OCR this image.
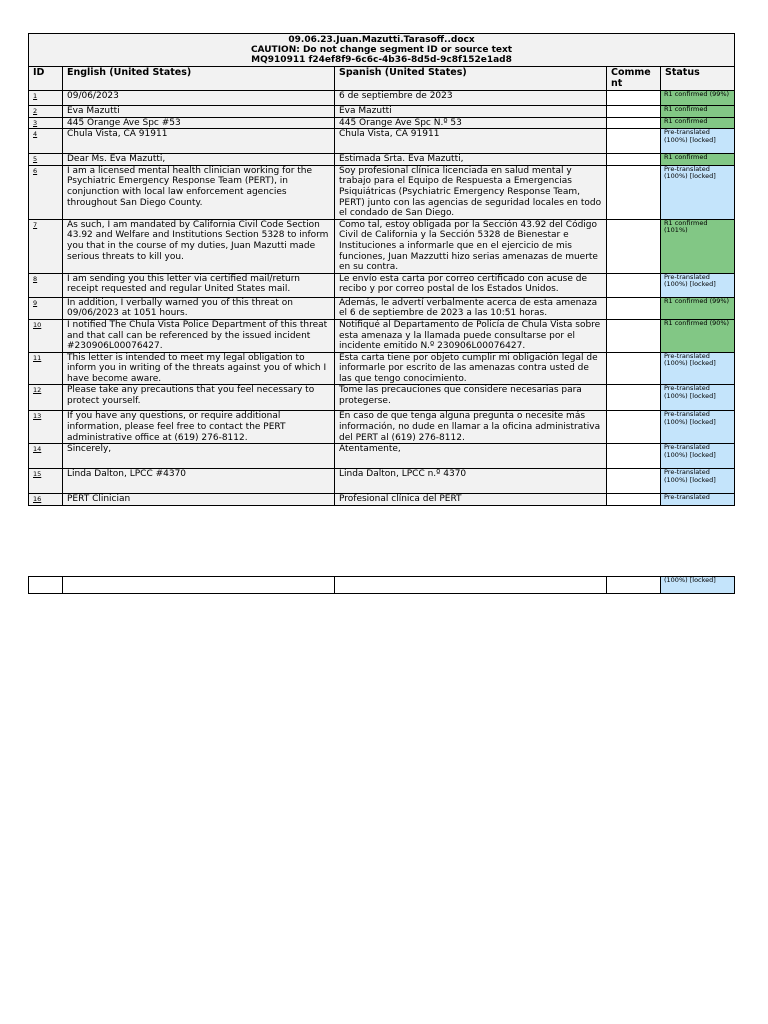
09.06.23.Juan.Mazutti.Tarasoff..docx
CAUTION: Do not change segment ID or source text
MQ910911 f24ef8f9-6c6c-4b36-8d5d-9c8f152e1ad8				

ID	English (United States)	Spanish (United States)	Comme nt	Status
1	09/06/2023	6 de septiembre de 2023		R1 confirmed (99%)
2	Eva Mazutti	Eva Mazutti		R1 confirmed
3	445 Orange Ave Spc #53	445 Orange Ave Spc N.º 53		R1 confirmed
4	Chula Vista, CA 91911	Chula Vista, CA 91911		Pre-translated (100%) [locked]
5	Dear Ms. Eva Mazutti,	Estimada Srta. Eva Mazutti,		R1 confirmed
6	I am a licensed mental health clinician working for the Psychiatric Emergency Response Team (PERT), in conjunction with local law enforcement agencies throughout San Diego County.	Soy profesional clínica licenciada en salud mental y trabajo para el Equipo de Respuesta a Emergencias Psiquiátricas (Psychiatric Emergency Response Team, PERT) junto con las agencias de seguridad locales en todo el condado de San Diego.		Pre-translated (100%) [locked]
7	As such, I am mandated by California Civil Code Section 43.92 and Welfare and Institutions Section 5328 to inform you that in the course of my duties, Juan Mazutti made serious threats to kill you.	Como tal, estoy obligada por la Sección 43.92 del Código Civil de California y la Sección 5328 de Bienestar e Instituciones a informarle que en el ejercicio de mis funciones, Juan Mazzutti hizo serias amenazas de muerte en su contra.		R1 confirmed (101%)
8	I am sending you this letter via certified mail/return receipt requested and regular United States mail.	Le envío esta carta por correo certificado con acuse de recibo y por correo postal de los Estados Unidos.		Pre-translated (100%) [locked]
9	In addition, I verbally warned you of this threat on 09/06/2023 at 1051 hours.	Además, le advertí verbalmente acerca de esta amenaza el 6 de septiembre de 2023 a las 10:51 horas.		R1 confirmed (99%)
10	I notified The Chula Vista Police Department of this threat and that call can be referenced by the issued incident #230906L00076427.	Notifiqué al Departamento de Policía de Chula Vista sobre esta amenaza y la llamada puede consultarse por el incidente emitido N.º 230906L00076427.		R1 confirmed (90%)
11	This letter is intended to meet my legal obligation to inform you in writing of the threats against you of which I have become aware.	Esta carta tiene por objeto cumplir mi obligación legal de informarle por escrito de las amenazas contra usted de las que tengo conocimiento.		Pre-translated (100%) [locked]
12	Please take any precautions that you feel necessary to protect yourself.	Tome las precauciones que considere necesarias para protegerse.		Pre-translated (100%) [locked]
13	If you have any questions, or require additional information, please feel free to contact the PERT administrative office at (619) 276-8112.	En caso de que tenga alguna pregunta o necesite más información, no dude en llamar a la oficina administrativa del PERT al (619) 276-8112.		Pre-translated (100%) [locked]
14	Sincerely,	Atentamente,		Pre-translated (100%) [locked]
15	Linda Dalton, LPCC #4370	Linda Dalton, LPCC n.º 4370		Pre-translated (100%) [locked]
16	PERT Clinician	Profesional clínica del PERT		Pre-translated
				(100%) [locked]
